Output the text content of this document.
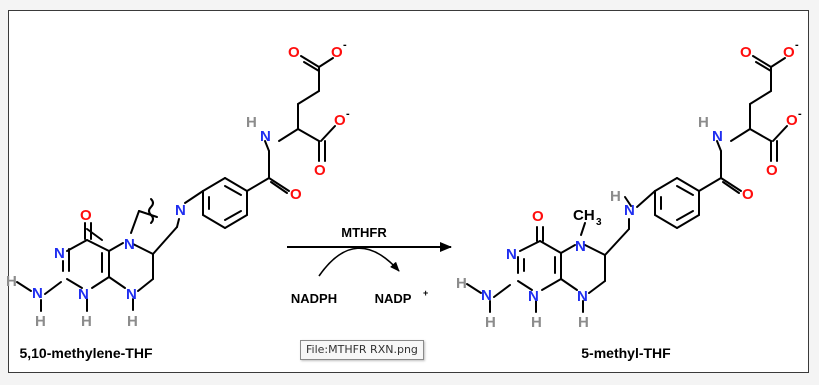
O
N
N
N
N
N
H
H H H
N
O
N
H
O
O -
O O -
5,10-methylene-THF
MTHFR
NADPH	NADP +
O
N
N
N
N
N
H
H H H
CH 3
H
N
O
N
H
O
O -
O O -
5-methyl-THF
File:MTHFR RXN.png
